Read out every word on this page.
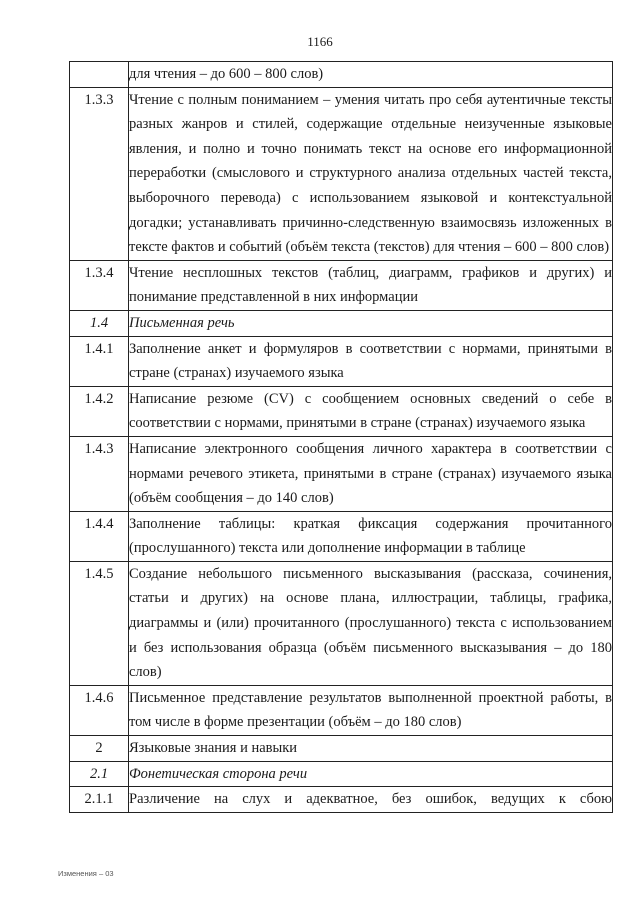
1166
	для чтения – до 600 – 800 слов)
1.3.3	Чтение с полным пониманием – умения читать про себя аутентичные тексты разных жанров и стилей, содержащие отдельные неизученные языковые явления, и полно и точно понимать текст на основе его информационной переработки (смыслового и структурного анализа отдельных частей текста, выборочного перевода) с использованием языковой и контекстуальной догадки; устанавливать причинно-следственную взаимосвязь изложенных в тексте фактов и событий (объём текста (текстов) для чтения – 600 – 800 слов)
1.3.4	Чтение несплошных текстов (таблиц, диаграмм, графиков и других) и понимание представленной в них информации
1.4	Письменная речь
1.4.1	Заполнение анкет и формуляров в соответствии с нормами, принятыми в стране (странах) изучаемого языка
1.4.2	Написание резюме (CV) с сообщением основных сведений о себе в соответствии с нормами, принятыми в стране (странах) изучаемого языка
1.4.3	Написание электронного сообщения личного характера в соответствии с нормами речевого этикета, принятыми в стране (странах) изучаемого языка (объём сообщения – до 140 слов)
1.4.4	Заполнение таблицы: краткая фиксация содержания прочитанного (прослушанного) текста или дополнение информации в таблице
1.4.5	Создание небольшого письменного высказывания (рассказа, сочинения, статьи и других) на основе плана, иллюстрации, таблицы, графика, диаграммы и (или) прочитанного (прослушанного) текста с использованием и без использования образца (объём письменного высказывания – до 180 слов)
1.4.6	Письменное представление результатов выполненной проектной работы, в том числе в форме презентации (объём – до 180 слов)
2	Языковые знания и навыки
2.1	Фонетическая сторона речи
2.1.1	Различение на слух и адекватное, без ошибок, ведущих к сбою
Изменения – 03
